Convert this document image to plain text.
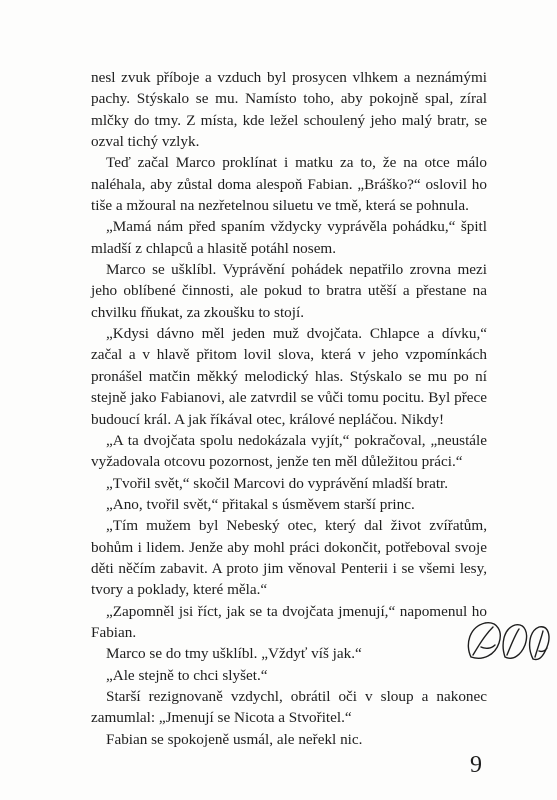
nesl zvuk příboje a vzduch byl prosycen vlhkem a neznámými pachy. Stýskalo se mu. Namísto toho, aby pokojně spal, zíral mlčky do tmy. Z místa, kde ležel schoulený jeho malý bratr, se ozval tichý vzlyk.

Teď začal Marco proklínat i matku za to, že na otce málo naléhala, aby zůstal doma alespoň Fabian. „Bráško?“ oslovil ho tiše a mžoural na nezřetelnou siluetu ve tmě, která se pohnula.

„Mamá nám před spaním vždycky vyprávěla pohádku,“ špitl mladší z chlapců a hlasitě potáhl nosem.

Marco se ušklíbl. Vyprávění pohádek nepatřilo zrovna mezi jeho oblíbené činnosti, ale pokud to bratra utěší a přestane na chvilku fňukat, za zkoušku to stojí.

„Kdysi dávno měl jeden muž dvojčata. Chlapce a dívku,“ začal a v hlavě přitom lovil slova, která v jeho vzpomínkách pronášel matčin měkký melodický hlas. Stýskalo se mu po ní stejně jako Fabianovi, ale zatvrdil se vůči tomu pocitu. Byl přece budoucí král. A jak říkával otec, králové nepláčou. Nikdy!

„A ta dvojčata spolu nedokázala vyjít,“ pokračoval, „neustále vyžadovala otcovu pozornost, jenže ten měl důležitou práci.“

„Tvořil svět,“ skočil Marcovi do vyprávění mladší bratr.

„Ano, tvořil svět,“ přitakal s úsměvem starší princ.

„Tím mužem byl Nebeský otec, který dal život zvířatům, bohům i lidem. Jenže aby mohl práci dokončit, potřeboval svoje děti něčím zabavit. A proto jim věnoval Penterii i se všemi lesy, tvory a poklady, které měla.“

„Zapomněl jsi říct, jak se ta dvojčata jmenují,“ napomenul ho Fabian.

Marco se do tmy ušklíbl. „Vždyť víš jak.“

„Ale stejně to chci slyšet.“

Starší rezignovaně vzdychl, obrátil oči v sloup a nakonec zamumlal: „Jmenují se Nicota a Stvořitel.“

Fabian se spokojeně usmál, ale neřekl nic.

9
